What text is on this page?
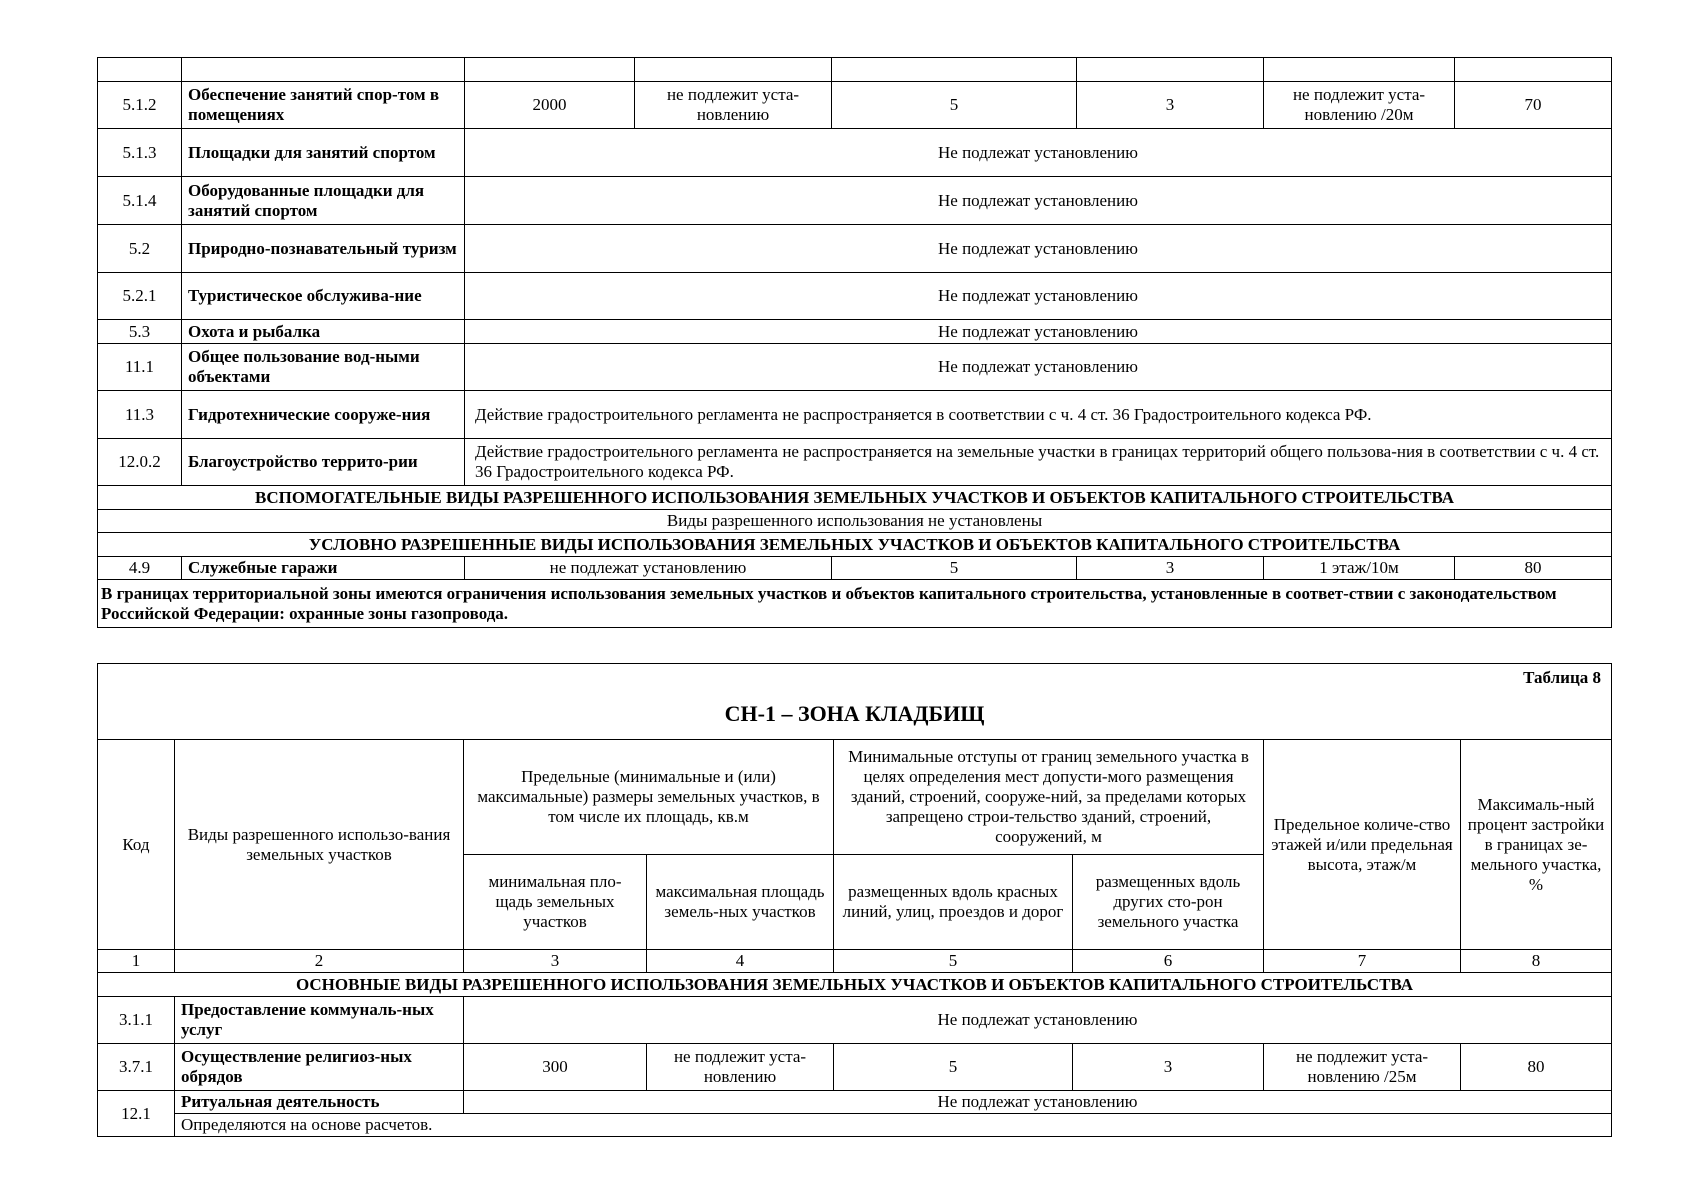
5.1.2	Обеспечение занятий спор-том в помещениях	2000	не подлежит уста-новлению	5	3	не подлежит уста-новлению /20м	70
5.1.3	Площадки для занятий спортом	Не подлежат установлению					
5.1.4	Оборудованные площадки для занятий спортом	Не подлежат установлению					
5.2	Природно-познавательный туризм	Не подлежат установлению					
5.2.1	Туристическое обслужива-ние	Не подлежат установлению					
5.3	Охота и рыбалка	Не подлежат установлению					
11.1	Общее пользование вод-ными объектами	Не подлежат установлению					
11.3	Гидротехнические сооруже-ния	Действие градостроительного регламента не распространяется в соответствии с ч. 4 ст. 36 Градостроительного кодекса РФ.					
12.0.2	Благоустройство террито-рии	Действие градостроительного регламента не распространяется на земельные участки в границах территорий общего пользова-ния в соответствии с ч. 4 ст. 36 Градостроительного кодекса РФ.					
ВСПОМОГАТЕЛЬНЫЕ ВИДЫ РАЗРЕШЕННОГО ИСПОЛЬЗОВАНИЯ ЗЕМЕЛЬНЫХ УЧАСТКОВ И ОБЪЕКТОВ КАПИТАЛЬНОГО СТРОИТЕЛЬСТВА							
Виды разрешенного использования не установлены							
УСЛОВНО РАЗРЕШЕННЫЕ ВИДЫ ИСПОЛЬЗОВАНИЯ ЗЕМЕЛЬНЫХ УЧАСТКОВ И ОБЪЕКТОВ КАПИТАЛЬНОГО СТРОИТЕЛЬСТВА							
4.9	Служебные гаражи	не подлежат установлению		5	3	1 этаж/10м	80
В границах территориальной зоны имеются ограничения использования земельных участков и объектов капитального строительства, установленные в соответ-ствии с законодательством Российской Федерации: охранные зоны газопровода.							
Таблица 8
СН-1 – ЗОНА КЛАДБИЩ							

Код	Виды разрешенного использо-вания земельных участков	Предельные (минимальные и (или) максимальные) размеры земельных участков, в том числе их площадь, кв.м		Минимальные отступы от границ земельного участка в целях определения мест допусти-мого размещения зданий, строений, сооруже-ний, за пределами которых запрещено строи-тельство зданий, строений, сооружений, м		Предельное количе-ство этажей и/или предельная высота, этаж/м	Максималь-ный процент застройки в границах зе-мельного участка, %
		минимальная пло-щадь земельных участков	максимальная площадь земель-ных участков	размещенных вдоль красных линий, улиц, проездов и дорог	размещенных вдоль других сто-рон земельного участка		
1	2	3	4	5	6	7	8
ОСНОВНЫЕ ВИДЫ РАЗРЕШЕННОГО ИСПОЛЬЗОВАНИЯ ЗЕМЕЛЬНЫХ УЧАСТКОВ И ОБЪЕКТОВ КАПИТАЛЬНОГО СТРОИТЕЛЬСТВА							
3.1.1	Предоставление коммуналь-ных услуг	Не подлежат установлению					
3.7.1	Осуществление религиоз-ных обрядов	300	не подлежит уста-новлению	5	3	не подлежит уста-новлению /25м	80
12.1	Ритуальная деятельность	Не подлежат установлению					
	Определяются на основе расчетов.						
